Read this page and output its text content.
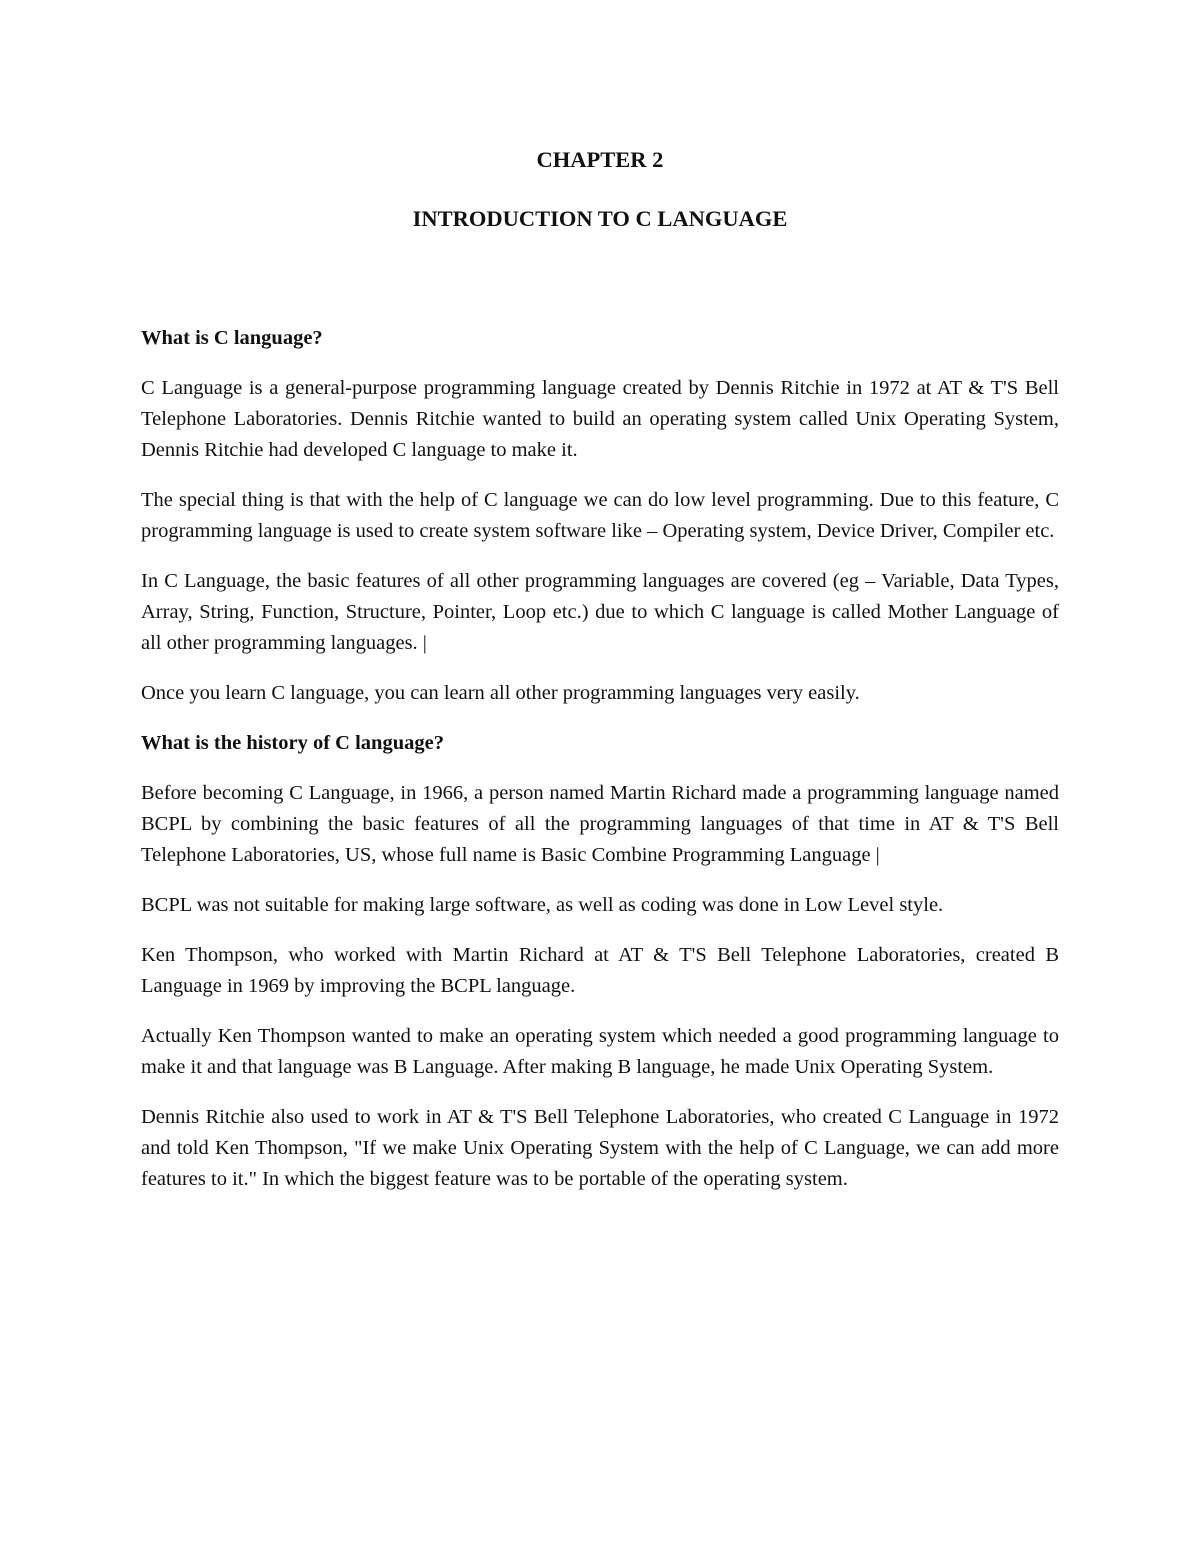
CHAPTER 2
INTRODUCTION TO C LANGUAGE
What is C language?

C Language is a general-purpose programming language created by Dennis Ritchie in 1972 at AT & T'S Bell Telephone Laboratories. Dennis Ritchie wanted to build an operating system called Unix Operating System, Dennis Ritchie had developed C language to make it.

The special thing is that with the help of C language we can do low level programming. Due to this feature, C programming language is used to create system software like – Operating system, Device Driver, Compiler etc.

In C Language, the basic features of all other programming languages are covered (eg – Variable, Data Types, Array, String, Function, Structure, Pointer, Loop etc.) due to which C language is called Mother Language of all other programming languages. |

Once you learn C language, you can learn all other programming languages very easily.

What is the history of C language?

Before becoming C Language, in 1966, a person named Martin Richard made a programming language named BCPL by combining the basic features of all the programming languages of that time in AT & T'S Bell Telephone Laboratories, US, whose full name is Basic Combine Programming Language |

BCPL was not suitable for making large software, as well as coding was done in Low Level style.

Ken Thompson, who worked with Martin Richard at AT & T'S Bell Telephone Laboratories, created B Language in 1969 by improving the BCPL language.

Actually Ken Thompson wanted to make an operating system which needed a good programming language to make it and that language was B Language. After making B language, he made Unix Operating System.

Dennis Ritchie also used to work in AT & T'S Bell Telephone Laboratories, who created C Language in 1972 and told Ken Thompson, "If we make Unix Operating System with the help of C Language, we can add more features to it." In which the biggest feature was to be portable of the operating system.
